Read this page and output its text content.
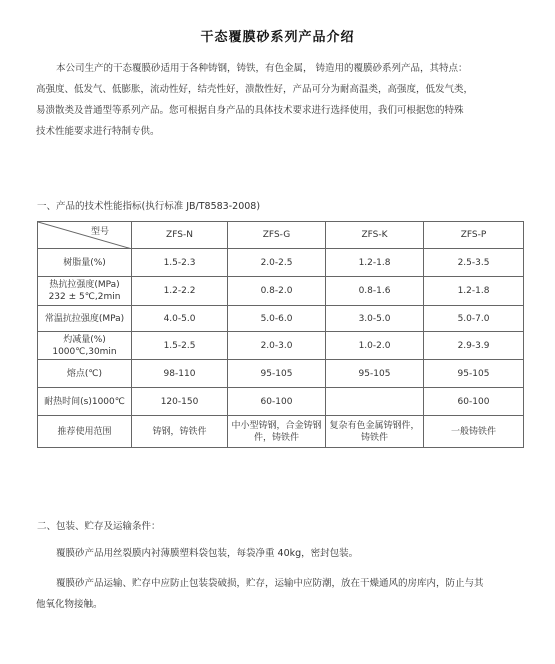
干态覆膜砂系列产品介绍

本公司生产的干态覆膜砂适用于各种铸钢，铸铁，有色金属， 铸造用的覆膜砂系列产品，其特点：

高强度、低发气、低膨胀，流动性好，结壳性好，溃散性好，产品可分为耐高温类，高强度，低发气类，
易溃散类及普通型等系列产品。您可根据自身产品的具体技术要求进行选择使用，我们可根据您的特殊
技术性能要求进行特制专供。
一、产品的技术性能指标(执行标准 JB/T8583-2008)
型号	ZFS-N	ZFS-G	ZFS-K	ZFS-P
树脂量(%)	1.5-2.3	2.0-2.5	1.2-1.8	2.5-3.5

热抗拉强度(MPa)
232 ± 5℃,2min	1.2-2.2	0.8-2.0	0.8-1.6	1.2-1.8
常温抗拉强度(MPa)	4.0-5.0	5.0-6.0	3.0-5.0	5.0-7.0

灼减量(%)
1000℃,30min	1.5-2.5	2.0-3.0	1.0-2.0	2.9-3.9
熔点(℃)	98-110	95-105	95-105	95-105
耐热时间(s)1000℃	120-150	60-100		60-100
推荐使用范围	铸钢，铸铁件	中小型铸钢，合金铸钢件，铸铁件	复杂有色金属铸钢件，铸铁件	一般铸铁件
二、包装、贮存及运输条件：

覆膜砂产品用丝裂膜内衬薄膜塑料袋包装，每袋净重 40kg，密封包装。

覆膜砂产品运输、贮存中应防止包装袋破损，贮存，运输中应防潮，放在干燥通风的房库内，防止与其

他氧化物接触。
